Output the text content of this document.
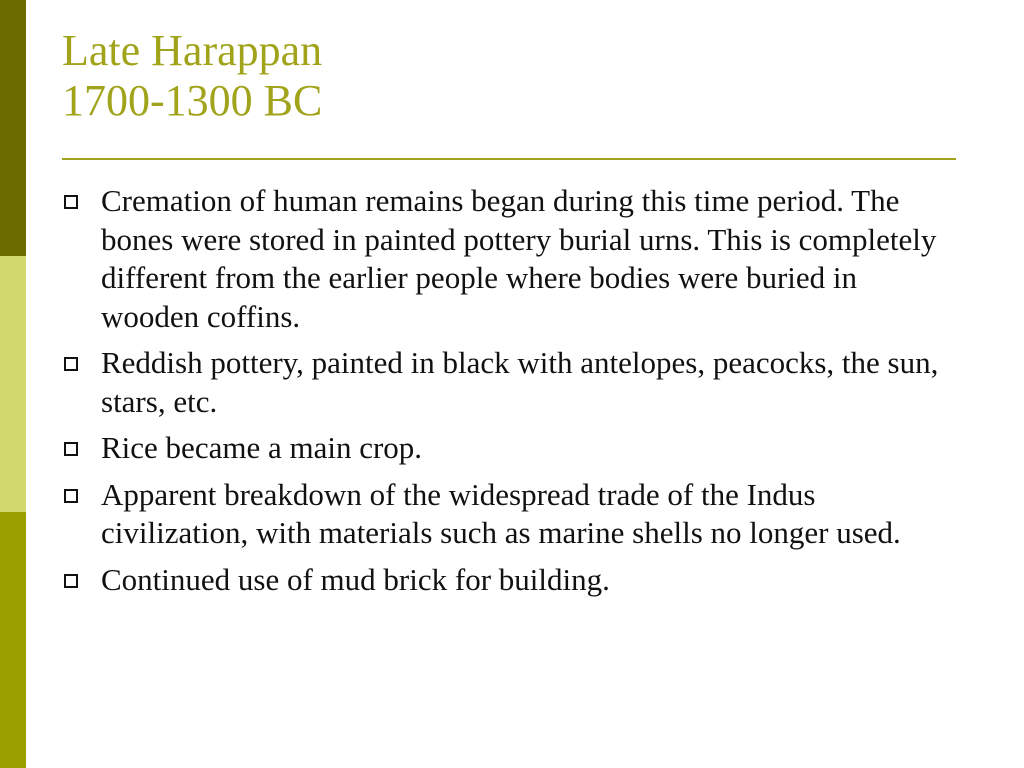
Late Harappan
1700-1300 BC
Cremation of human remains began during this time period. The bones were stored in painted pottery burial urns. This is completely different from the earlier people where bodies were buried in wooden coffins.
Reddish pottery, painted in black with antelopes, peacocks, the sun, stars, etc.
Rice became a main crop.
Apparent breakdown of the widespread trade of the Indus civilization, with materials such as marine shells no longer used.
Continued use of mud brick for building.
